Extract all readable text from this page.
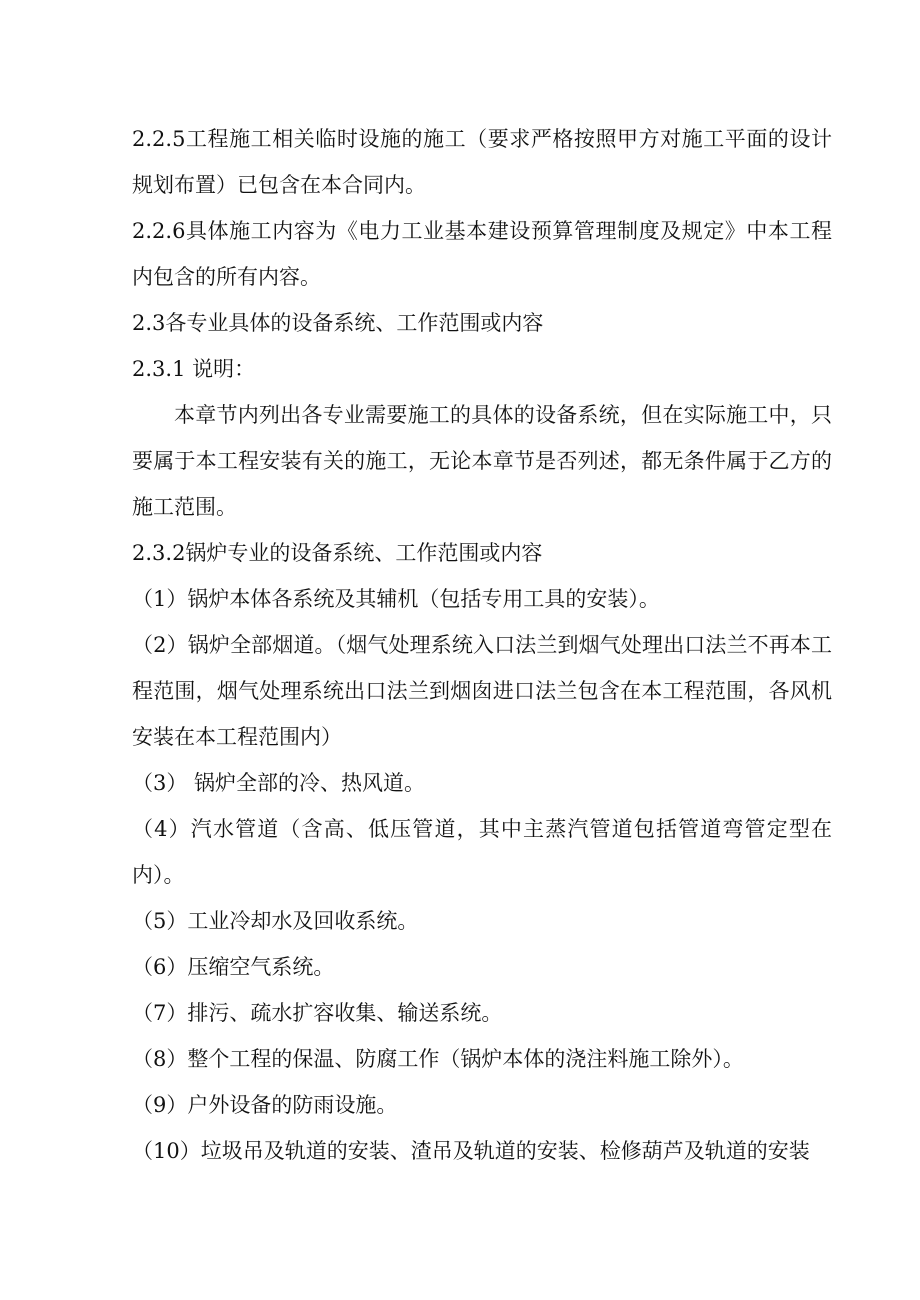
2.2.5工程施工相关临时设施的施工（要求严格按照甲方对施工平面的设计规划布置）已包含在本合同内。

2.2.6具体施工内容为《电力工业基本建设预算管理制度及规定》中本工程内包含的所有内容。

2.3各专业具体的设备系统、工作范围或内容

2.3.1 说明：

本章节内列出各专业需要施工的具体的设备系统，但在实际施工中，只要属于本工程安装有关的施工，无论本章节是否列述，都无条件属于乙方的施工范围。

2.3.2锅炉专业的设备系统、工作范围或内容

（1）锅炉本体各系统及其辅机（包括专用工具的安装）。

（2）锅炉全部烟道。（烟气处理系统入口法兰到烟气处理出口法兰不再本工程范围，烟气处理系统出口法兰到烟囱进口法兰包含在本工程范围，各风机安装在本工程范围内）

（3） 锅炉全部的冷、热风道。

（4）汽水管道（含高、低压管道，其中主蒸汽管道包括管道弯管定型在内）。

（5）工业冷却水及回收系统。

（6）压缩空气系统。

（7）排污、疏水扩容收集、输送系统。

（8）整个工程的保温、防腐工作（锅炉本体的浇注料施工除外）。

（9）户外设备的防雨设施。

（10）垃圾吊及轨道的安装、渣吊及轨道的安装、检修葫芦及轨道的安装
